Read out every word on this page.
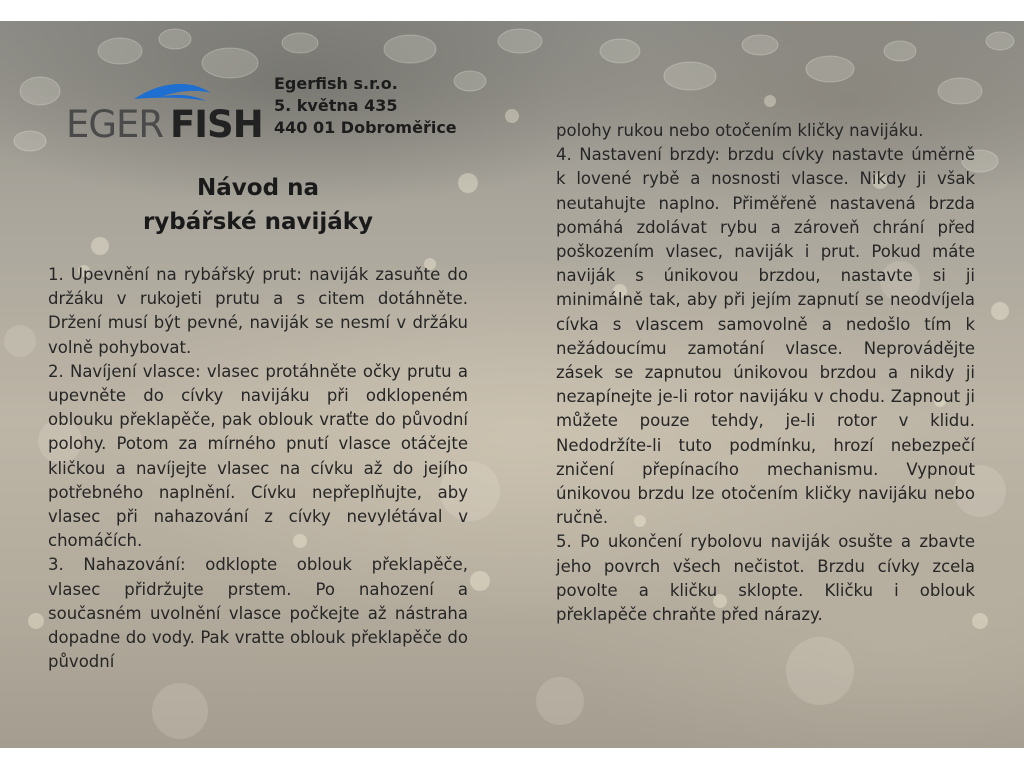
EGER FISH
Egerfish s.r.o.
5. května 435
440 01 Dobroměřice
Návod na
rybářské navijáky

1. Upevnění na rybářský prut: naviják zasuňte do držáku v rukojeti prutu a s citem dotáhněte. Držení musí být pevné, naviják se nesmí v držáku volně pohybovat.

2. Navíjení vlasce: vlasec protáhněte očky prutu a upevněte do cívky navijáku při odklopeném oblouku překlapěče, pak oblouk vraťte do původní polohy. Potom za mírného pnutí vlasce otáčejte kličkou a navíjejte vlasec na cívku až do jejího potřebného naplnění. Cívku nepřeplňujte, aby vlasec při nahazování z cívky nevylétával v chomáčích.

3. Nahazování: odklopte oblouk překlapěče, vlasec přidržujte prstem. Po nahození a současném uvolnění vlasce počkejte až nástraha dopadne do vody. Pak vratte oblouk překlapěče do původní

polohy rukou nebo otočením kličky navijáku.

4. Nastavení brzdy: brzdu cívky nastavte úměrně k lovené rybě a nosnosti vlasce. Nikdy ji však neutahujte naplno. Přiměřeně nastavená brzda pomáhá zdolávat rybu a zároveň chrání před poškozením vlasec, naviják i prut. Pokud máte naviják s únikovou brzdou, nastavte si ji minimálně tak, aby při jejím zapnutí se neodvíjela cívka s vlascem samovolně a nedošlo tím k nežádoucímu zamotání vlasce. Neprovádějte zásek se zapnutou únikovou brzdou a nikdy ji nezapínejte je-li rotor navijáku v chodu. Zapnout ji můžete pouze tehdy, je-li rotor v klidu. Nedodržíte-li tuto podmínku, hrozí nebezpečí zničení přepínacího mechanismu. Vypnout únikovou brzdu lze otočením kličky navijáku nebo ručně.

5. Po ukončení rybolovu naviják osušte a zbavte jeho povrch všech nečistot. Brzdu cívky zcela povolte a kličku sklopte. Kličku i oblouk překlapěče chraňte před nárazy.
